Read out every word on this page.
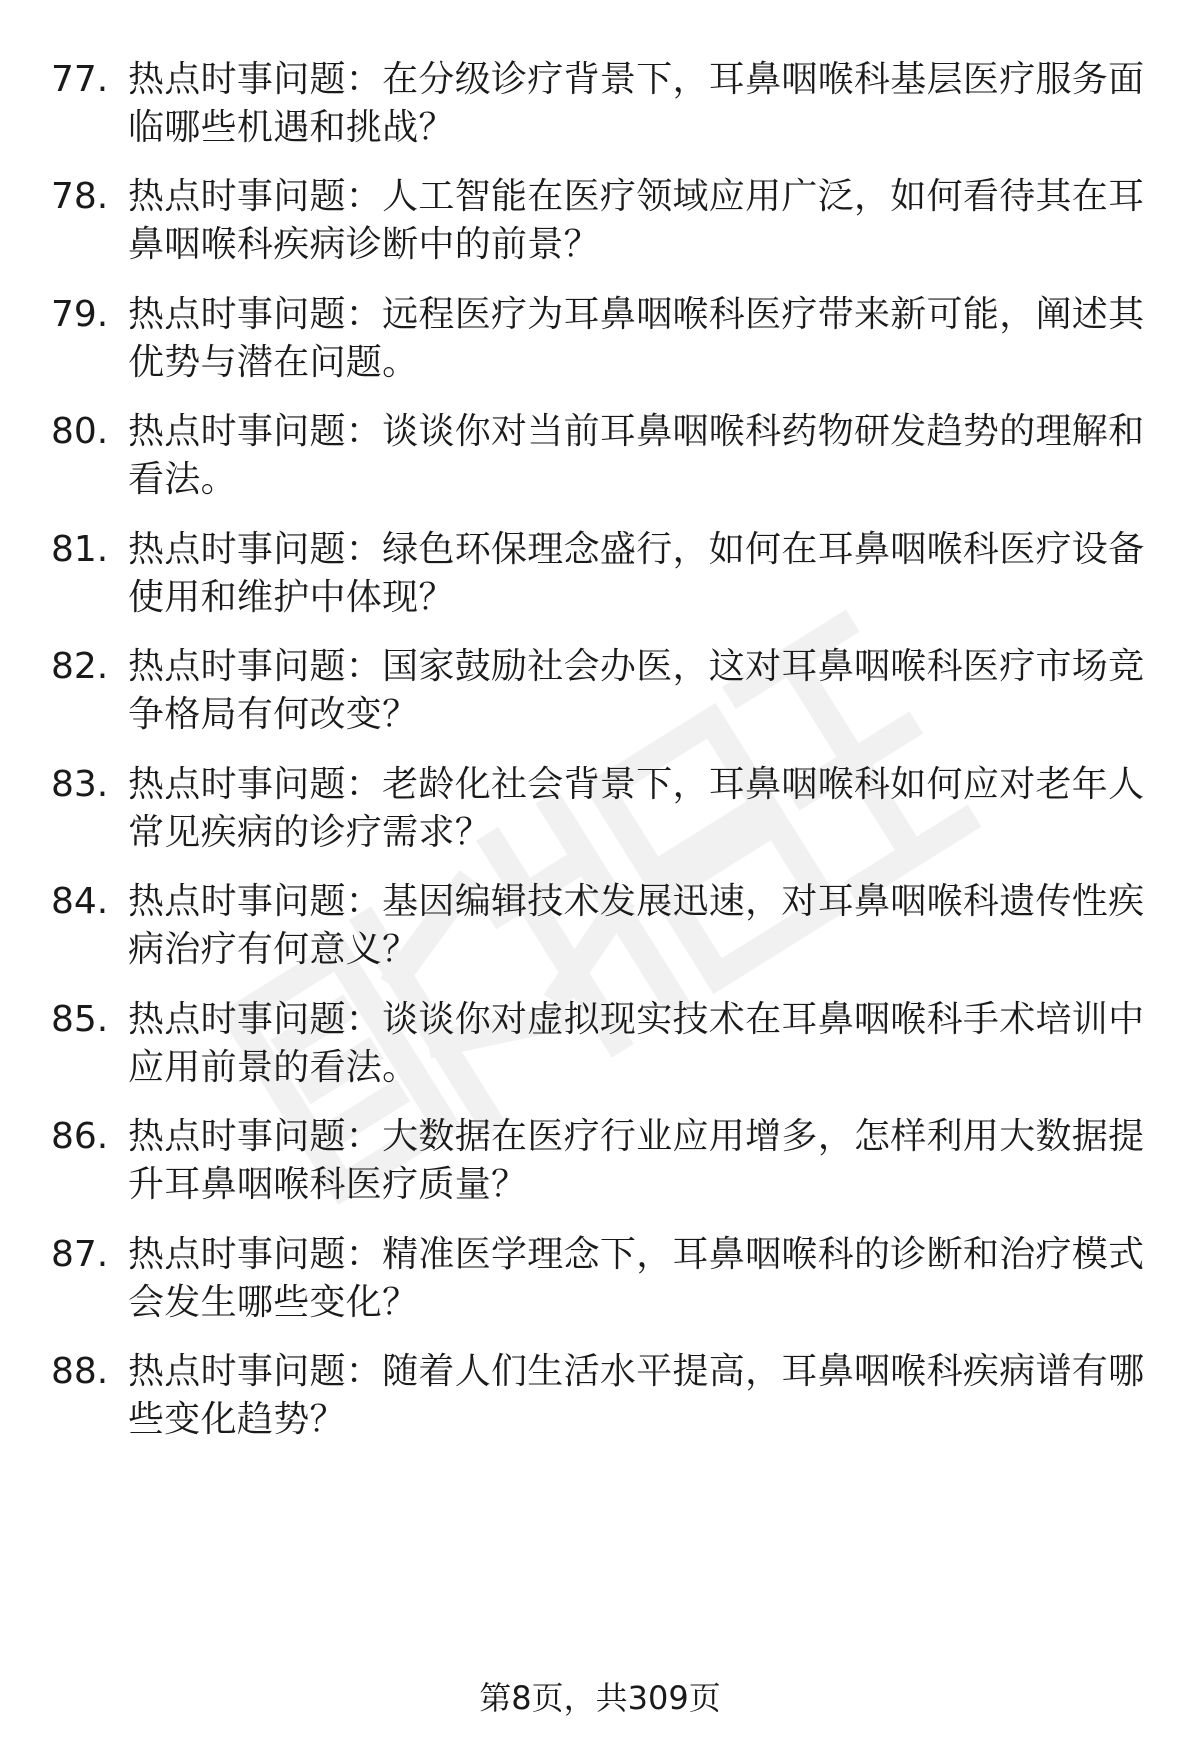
77. 热点时事问题：在分级诊疗背景下，耳鼻咽喉科基层医疗服务面
临哪些机遇和挑战？
78. 热点时事问题：人工智能在医疗领域应用广泛，如何看待其在耳
鼻咽喉科疾病诊断中的前景？
79. 热点时事问题：远程医疗为耳鼻咽喉科医疗带来新可能，阐述其
优势与潜在问题。
80. 热点时事问题：谈谈你对当前耳鼻咽喉科药物研发趋势的理解和
看法。
81. 热点时事问题：绿色环保理念盛行，如何在耳鼻咽喉科医疗设备
使用和维护中体现？
82. 热点时事问题：国家鼓励社会办医，这对耳鼻咽喉科医疗市场竞
争格局有何改变？
83. 热点时事问题：老龄化社会背景下，耳鼻咽喉科如何应对老年人
常见疾病的诊疗需求？
84. 热点时事问题：基因编辑技术发展迅速，对耳鼻咽喉科遗传性疾
病治疗有何意义？
85. 热点时事问题：谈谈你对虚拟现实技术在耳鼻咽喉科手术培训中
应用前景的看法。
86. 热点时事问题：大数据在医疗行业应用增多，怎样利用大数据提
升耳鼻咽喉科医疗质量？
87. 热点时事问题：精准医学理念下，耳鼻咽喉科的诊断和治疗模式
会发生哪些变化？
88. 热点时事问题：随着人们生活水平提高，耳鼻咽喉科疾病谱有哪
些变化趋势？
第8页，共309页
